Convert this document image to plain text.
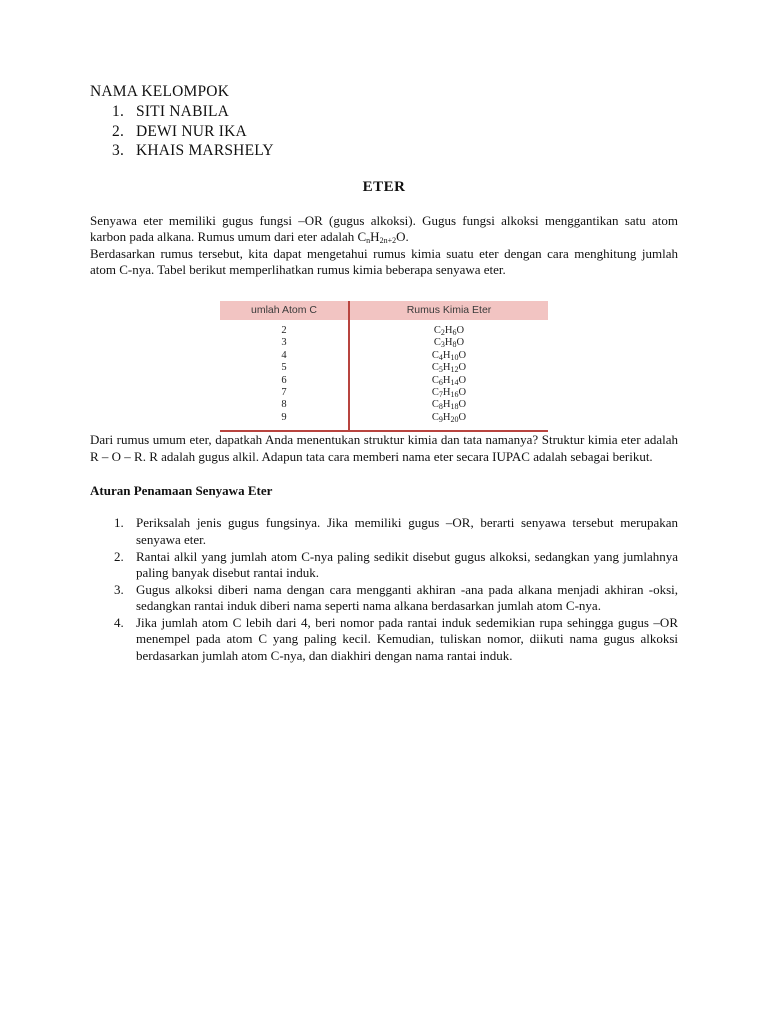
NAMA KELOMPOK
1. SITI NABILA
2. DEWI NUR IKA
3. KHAIS MARSHELY
ETER

Senyawa eter memiliki gugus fungsi –OR (gugus alkoksi). Gugus fungsi alkoksi menggantikan satu atom karbon pada alkana. Rumus umum dari eter adalah $C_nH_{2n+2}O$.

Berdasarkan rumus tersebut, kita dapat mengetahui rumus kimia suatu eter dengan cara menghitung jumlah atom C-nya. Tabel berikut memperlihatkan rumus kimia beberapa senyawa eter.

umlah Atom C	Rumus Kimia Eter
2	$C_2H_6O$
3	$C_3H_8O$
4	$C_4H_{10}O$
5	$C_5H_{12}O$
6	$C_6H_{14}O$
7	$C_7H_{16}O$
8	$C_8H_{18}O$
9	$C_9H_{20}O$

Dari rumus umum eter, dapatkah Anda menentukan struktur kimia dan tata namanya? Struktur kimia eter adalah R – O – R. R adalah gugus alkil. Adapun tata cara memberi nama eter secara IUPAC adalah sebagai berikut.

Aturan Penamaan Senyawa Eter
1. Periksalah jenis gugus fungsinya. Jika memiliki gugus –OR, berarti senyawa tersebut merupakan senyawa eter.
2. Rantai alkil yang jumlah atom C-nya paling sedikit disebut gugus alkoksi, sedangkan yang jumlahnya paling banyak disebut rantai induk.
3. Gugus alkoksi diberi nama dengan cara mengganti akhiran -ana pada alkana menjadi akhiran -oksi, sedangkan rantai induk diberi nama seperti nama alkana berdasarkan jumlah atom C-nya.
4. Jika jumlah atom C lebih dari 4, beri nomor pada rantai induk sedemikian rupa sehingga gugus –OR menempel pada atom C yang paling kecil. Kemudian, tuliskan nomor, diikuti nama gugus alkoksi berdasarkan jumlah atom C-nya, dan diakhiri dengan nama rantai induk.
